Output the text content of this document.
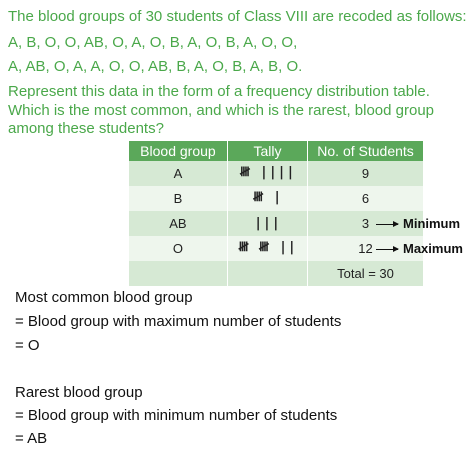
The blood groups of 30 students of Class VIII are recoded as follows:
A, B, O, O, AB, O, A, O, B, A, O, B, A, O, O,
A, AB, O, A, A, O, O, AB, B, A, O, B, A, B, O.
Represent this data in the form of a frequency distribution table.
Which is the most common, and which is the rarest, blood group
among these students?
Blood group	Tally	No. of Students
A	𝍸 ||||	9
B	𝍸 |	6
AB	|||	3
O	𝍸 𝍸 ||	12
		Total = 30
Minimum
Maximum
Most common blood group
= Blood group with maximum number of students
= O
Rarest blood group
= Blood group with minimum number of students
= AB
